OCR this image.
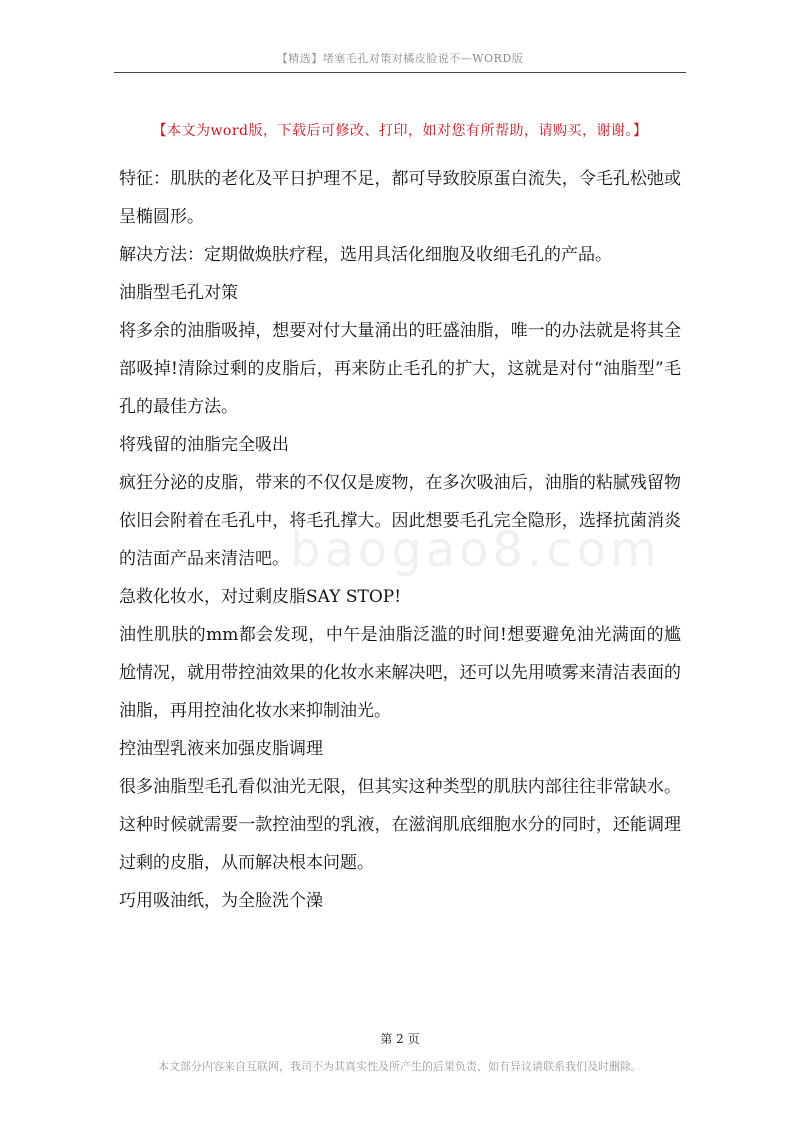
【精选】堵塞毛孔对策对橘皮脸说不—WORD版
【本文为word版，下载后可修改、打印，如对您有所帮助，请购买，谢谢。】
baogao8.com

特征：肌肤的老化及平日护理不足，都可导致胶原蛋白流失，令毛孔松弛或呈椭圆形。

解决方法：定期做焕肤疗程，选用具活化细胞及收细毛孔的产品。

油脂型毛孔对策

将多余的油脂吸掉，想要对付大量涌出的旺盛油脂，唯一的办法就是将其全部吸掉!清除过剩的皮脂后，再来防止毛孔的扩大，这就是对付“油脂型”毛孔的最佳方法。

将残留的油脂完全吸出

疯狂分泌的皮脂，带来的不仅仅是废物，在多次吸油后，油脂的粘腻残留物依旧会附着在毛孔中，将毛孔撑大。因此想要毛孔完全隐形，选择抗菌消炎的洁面产品来清洁吧。

急救化妆水，对过剩皮脂SAY STOP!

油性肌肤的mm都会发现，中午是油脂泛滥的时间!想要避免油光满面的尴尬情况，就用带控油效果的化妆水来解决吧，还可以先用喷雾来清洁表面的油脂，再用控油化妆水来抑制油光。

控油型乳液来加强皮脂调理

很多油脂型毛孔看似油光无限，但其实这种类型的肌肤内部往往非常缺水。这种时候就需要一款控油型的乳液，在滋润肌底细胞水分的同时，还能调理过剩的皮脂，从而解决根本问题。

巧用吸油纸，为全脸洗个澡

第 2 页
本文部分内容来自互联网，我司不为其真实性及所产生的后果负责，如有异议请联系我们及时删除。
